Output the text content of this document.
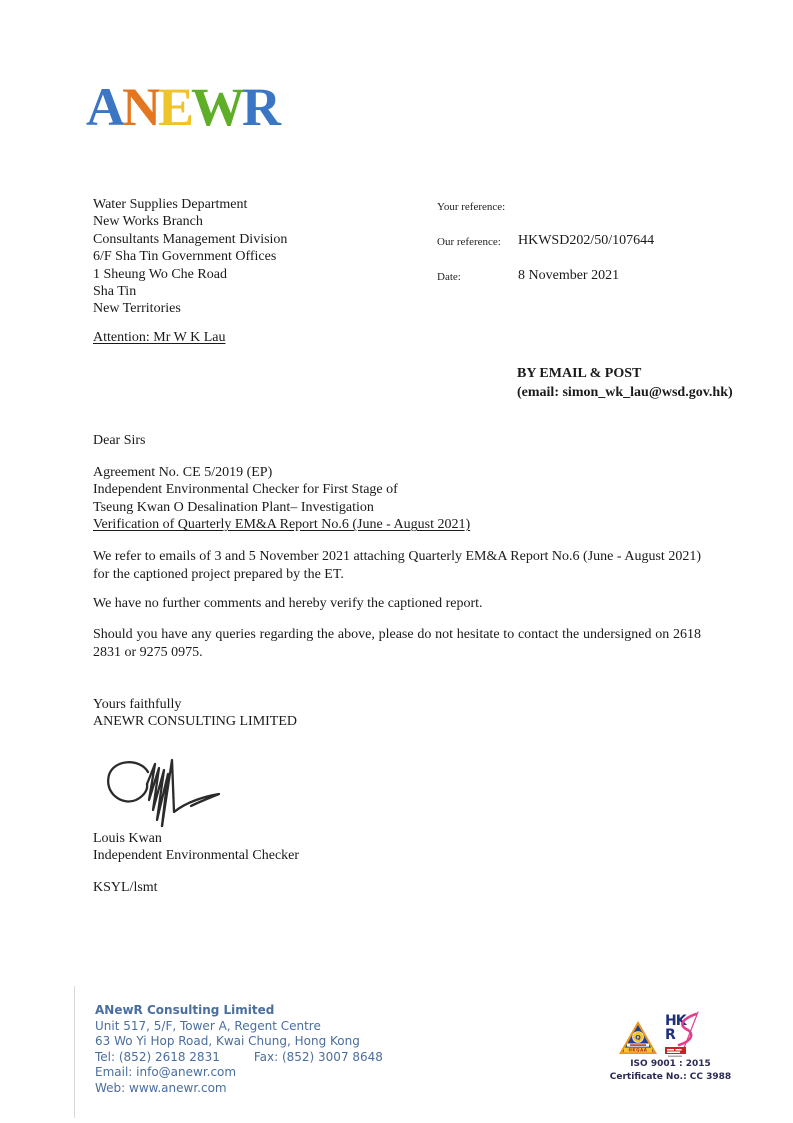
ANEWR
Water Supplies Department
New Works Branch
Consultants Management Division
6/F Sha Tin Government Offices
1 Sheung Wo Che Road
Sha Tin
New Territories
Attention: Mr W K Lau
Your reference:
Our reference: HKWSD202/50/107644
Date:	8 November 2021
BY EMAIL & POST
(email: simon_wk_lau@wsd.gov.hk)
Dear Sirs
Agreement No. CE 5/2019 (EP)
Independent Environmental Checker for First Stage of
Tseung Kwan O Desalination Plant– Investigation
Verification of Quarterly EM&A Report No.6 (June - August 2021)
We refer to emails of 3 and 5 November 2021 attaching Quarterly EM&A Report No.6 (June - August 2021) for the captioned project prepared by the ET.
We have no further comments and hereby verify the captioned report.
Should you have any queries regarding the above, please do not hesitate to contact the undersigned on 2618 2831 or 9275 0975.
Yours faithfully
ANEWR CONSULTING LIMITED
Louis Kwan
Independent Environmental Checker
KSYL/lsmt
ANewR Consulting Limited
Unit 517, 5/F, Tower A, Regent Centre
63 Wo Yi Hop Road, Kwai Chung, Hong Kong
Tel: (852) 2618 2831	Fax: (852) 3007 8648
Email: info@anewr.com
Web: www.anewr.com
Q
HKQAA
HK
R
ISO 9001 : 2015
Certificate No.: CC 3988
